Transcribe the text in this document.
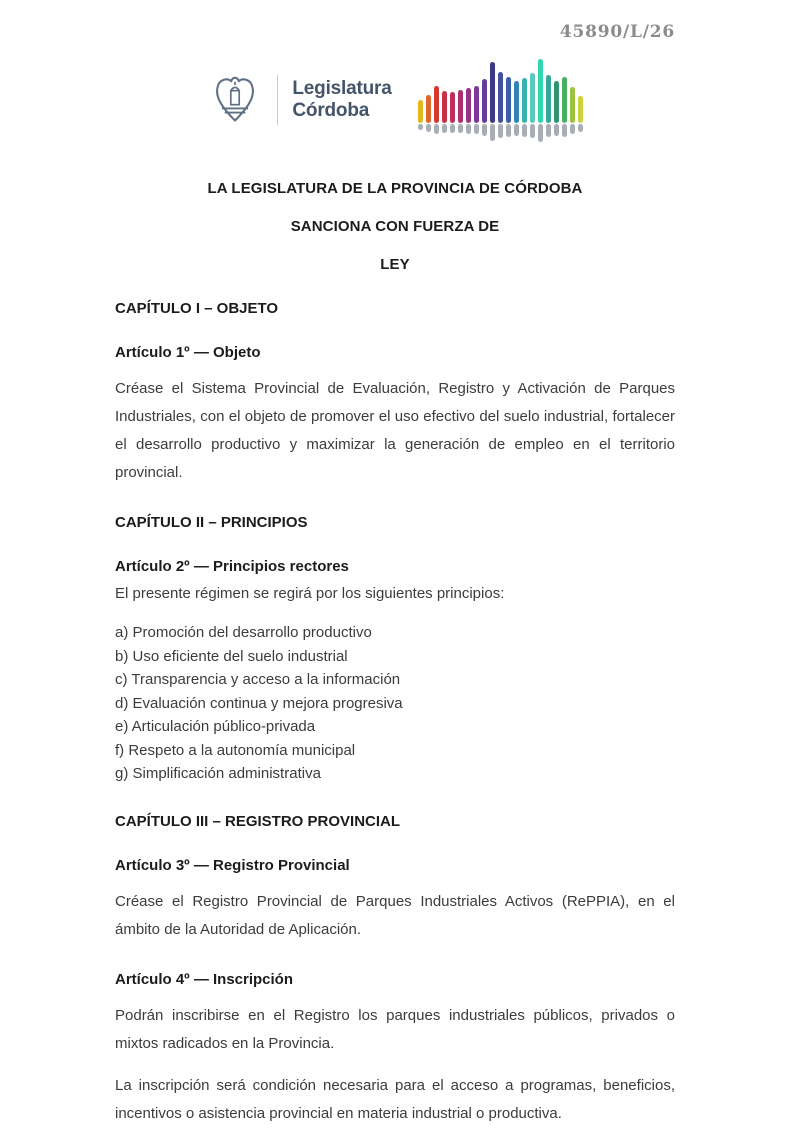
45890/L/26
Legislatura
Córdoba
LA LEGISLATURA DE LA PROVINCIA DE CÓRDOBA
SANCIONA CON FUERZA DE
LEY
CAPÍTULO I – OBJETO
Artículo 1º — Objeto

Créase el Sistema Provincial de Evaluación, Registro y Activación de Parques Industriales, con el objeto de promover el uso efectivo del suelo industrial, fortalecer el desarrollo productivo y maximizar la generación de empleo en el territorio provincial.

CAPÍTULO II – PRINCIPIOS
Artículo 2º — Principios rectores
El presente régimen se regirá por los siguientes principios:
a) Promoción del desarrollo productivo
b) Uso eficiente del suelo industrial
c) Transparencia y acceso a la información
d) Evaluación continua y mejora progresiva
e) Articulación público-privada
f) Respeto a la autonomía municipal
g) Simplificación administrativa
CAPÍTULO III – REGISTRO PROVINCIAL
Artículo 3º — Registro Provincial

Créase el Registro Provincial de Parques Industriales Activos (RePPIA), en el ámbito de la Autoridad de Aplicación.

Artículo 4º — Inscripción

Podrán inscribirse en el Registro los parques industriales públicos, privados o mixtos radicados en la Provincia.

La inscripción será condición necesaria para el acceso a programas, beneficios, incentivos o asistencia provincial en materia industrial o productiva.
